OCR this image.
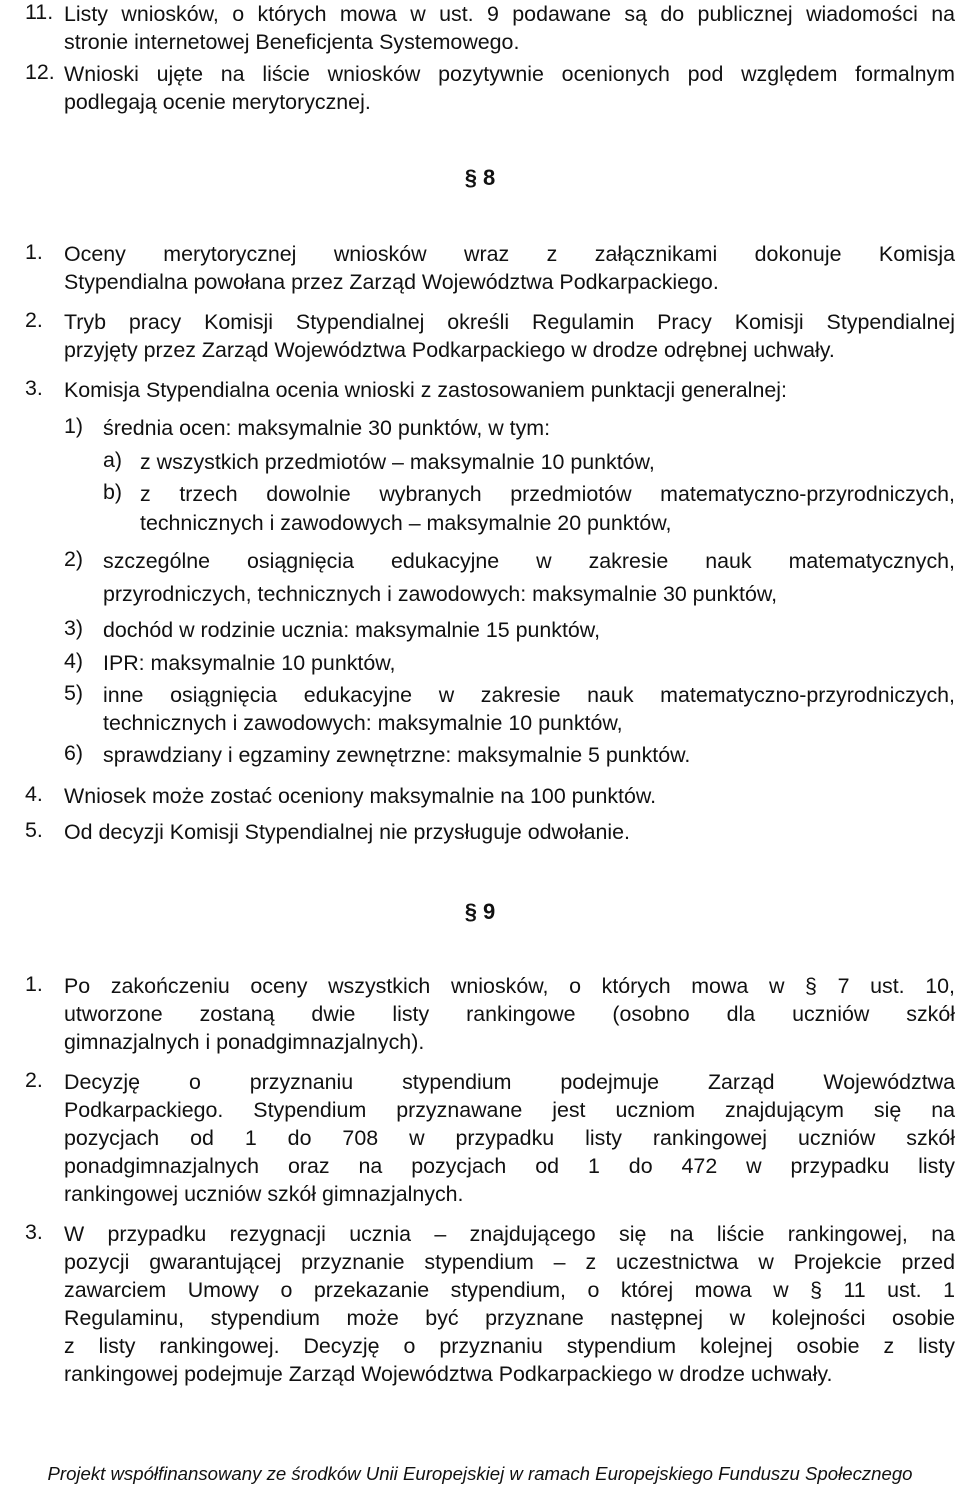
11. Listy wniosków, o których mowa w ust. 9 podawane są do publicznej wiadomości na
stronie internetowej Beneficjenta Systemowego.
12. Wnioski ujęte na liście wniosków pozytywnie ocenionych pod względem formalnym
podlegają ocenie merytorycznej.
§ 8
1. Oceny merytorycznej wniosków wraz z załącznikami dokonuje Komisja
Stypendialna powołana przez Zarząd Województwa Podkarpackiego.
2. Tryb pracy Komisji Stypendialnej określi Regulamin Pracy Komisji Stypendialnej
przyjęty przez Zarząd Województwa Podkarpackiego w drodze odrębnej uchwały.
3. Komisja Stypendialna ocenia wnioski z zastosowaniem punktacji generalnej:
1) średnia ocen: maksymalnie 30 punktów, w tym:
a) z wszystkich przedmiotów – maksymalnie 10 punktów,
b) z trzech dowolnie wybranych przedmiotów matematyczno-przyrodniczych,
technicznych i zawodowych – maksymalnie 20 punktów,
2) szczególne osiągnięcia edukacyjne w zakresie nauk matematycznych,
przyrodniczych, technicznych i zawodowych: maksymalnie 30 punktów,
3) dochód w rodzinie ucznia: maksymalnie 15 punktów,
4) IPR: maksymalnie 10 punktów,
5) inne osiągnięcia edukacyjne w zakresie nauk matematyczno-przyrodniczych,
technicznych i zawodowych: maksymalnie 10 punktów,
6) sprawdziany i egzaminy zewnętrzne: maksymalnie 5 punktów.
4. Wniosek może zostać oceniony maksymalnie na 100 punktów.
5. Od decyzji Komisji Stypendialnej nie przysługuje odwołanie.
§ 9
1. Po zakończeniu oceny wszystkich wniosków, o których mowa w § 7 ust. 10,
utworzone zostaną dwie listy rankingowe (osobno dla uczniów szkół
gimnazjalnych i ponadgimnazjalnych).
2. Decyzję o przyznaniu stypendium podejmuje Zarząd Województwa
Podkarpackiego. Stypendium przyznawane jest uczniom znajdującym się na
pozycjach od 1 do 708 w przypadku listy rankingowej uczniów szkół
ponadgimnazjalnych oraz na pozycjach od 1 do 472 w przypadku listy
rankingowej uczniów szkół gimnazjalnych.
3. W przypadku rezygnacji ucznia – znajdującego się na liście rankingowej, na
pozycji gwarantującej przyznanie stypendium – z uczestnictwa w Projekcie przed
zawarciem Umowy o przekazanie stypendium, o której mowa w § 11 ust. 1
Regulaminu, stypendium może być przyznane następnej w kolejności osobie
z listy rankingowej. Decyzję o przyznaniu stypendium kolejnej osobie z listy
rankingowej podejmuje Zarząd Województwa Podkarpackiego w drodze uchwały.
Projekt współfinansowany ze środków Unii Europejskiej w ramach Europejskiego Funduszu Społecznego
